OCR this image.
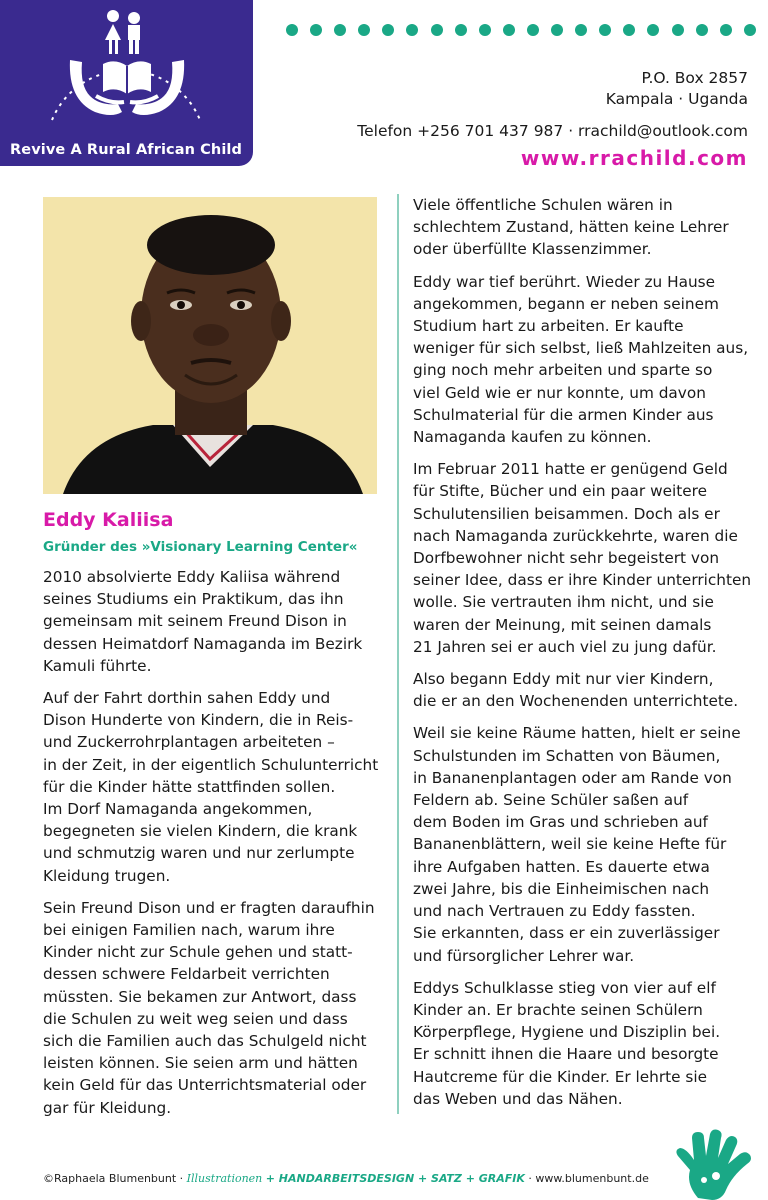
Revive A Rural African Child
P.O. Box 2857
Kampala · Uganda
Telefon +256 701 437 987 · rrachild@outlook.com
www.rrachild.com
Eddy Kaliisa
Gründer des »Visionary Learning Center«

2010 absolvierte Eddy Kaliisa während
seines Studiums ein Praktikum, das ihn
gemeinsam mit seinem Freund Dison in
dessen Heimatdorf Namaganda im Bezirk
Kamuli führte.

Auf der Fahrt dorthin sahen Eddy und
Dison Hunderte von Kindern, die in Reis-
und Zuckerrohrplantagen arbeiteten –
in der Zeit, in der eigentlich Schulunterricht
für die Kinder hätte stattfinden sollen.
Im Dorf Namaganda angekommen,
begegneten sie vielen Kindern, die krank
und schmutzig waren und nur zerlumpte
Kleidung trugen.

Sein Freund Dison und er fragten daraufhin
bei einigen Familien nach, warum ihre
Kinder nicht zur Schule gehen und statt-
dessen schwere Feldarbeit verrichten
müssten. Sie bekamen zur Antwort, dass
die Schulen zu weit weg seien und dass
sich die Familien auch das Schulgeld nicht
leisten können. Sie seien arm und hätten
kein Geld für das Unterrichtsmaterial oder
gar für Kleidung.

Viele öffentliche Schulen wären in
schlechtem Zustand, hätten keine Lehrer
oder überfüllte Klassenzimmer.

Eddy war tief berührt. Wieder zu Hause
angekommen, begann er neben seinem
Studium hart zu arbeiten. Er kaufte
weniger für sich selbst, ließ Mahlzeiten aus,
ging noch mehr arbeiten und sparte so
viel Geld wie er nur konnte, um davon
Schulmaterial für die armen Kinder aus
Namaganda kaufen zu können.

Im Februar 2011 hatte er genügend Geld
für Stifte, Bücher und ein paar weitere
Schulutensilien beisammen. Doch als er
nach Namaganda zurückkehrte, waren die
Dorfbewohner nicht sehr begeistert von
seiner Idee, dass er ihre Kinder unterrichten
wolle. Sie vertrauten ihm nicht, und sie
waren der Meinung, mit seinen damals
21 Jahren sei er auch viel zu jung dafür.

Also begann Eddy mit nur vier Kindern,
die er an den Wochenenden unterrichtete.

Weil sie keine Räume hatten, hielt er seine
Schulstunden im Schatten von Bäumen,
in Bananenplantagen oder am Rande von
Feldern ab. Seine Schüler saßen auf
dem Boden im Gras und schrieben auf
Bananenblättern, weil sie keine Hefte für
ihre Aufgaben hatten. Es dauerte etwa
zwei Jahre, bis die Einheimischen nach
und nach Vertrauen zu Eddy fassten.
Sie erkannten, dass er ein zuverlässiger
und fürsorglicher Lehrer war.

Eddys Schulklasse stieg von vier auf elf
Kinder an. Er brachte seinen Schülern
Körperpflege, Hygiene und Disziplin bei.
Er schnitt ihnen die Haare und besorgte
Hautcreme für die Kinder. Er lehrte sie
das Weben und das Nähen.

©Raphaela Blumenbunt · Illustrationen + HANDARBEITSDESIGN + SATZ + GRAFIK · www.blumenbunt.de
